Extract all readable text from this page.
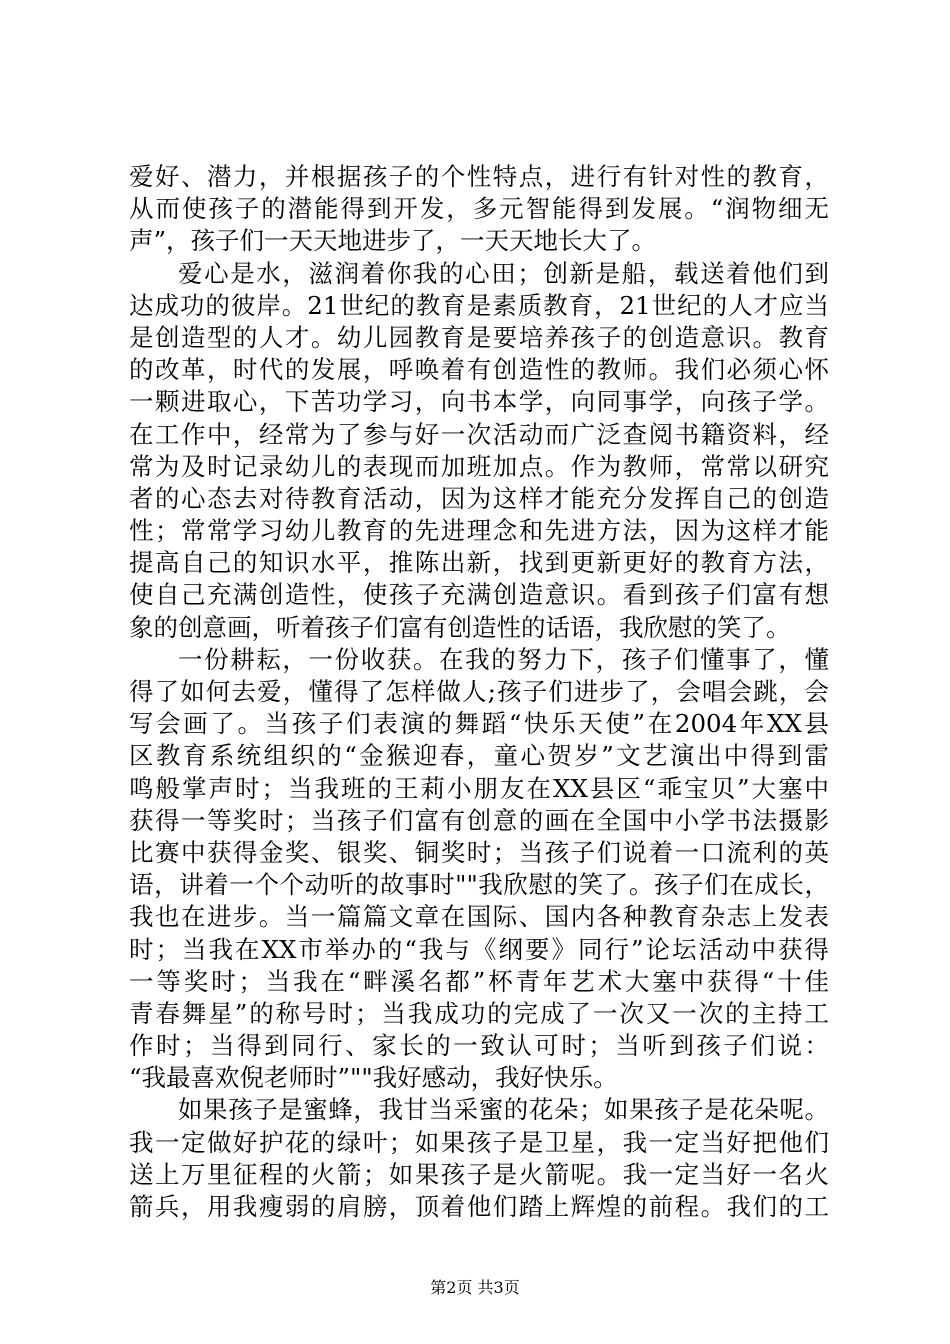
爱好、潜力，并根据孩子的个性特点，进行有针对性的教育，
从而使孩子的潜能得到开发，多元智能得到发展。“润物细无
声”，孩子们一天天地进步了，一天天地长大了。
爱心是水，滋润着你我的心田；创新是船，载送着他们到
达成功的彼岸。21世纪的教育是素质教育，21世纪的人才应当
是创造型的人才。幼儿园教育是要培养孩子的创造意识。教育
的改革，时代的发展，呼唤着有创造性的教师。我们必须心怀
一颗进取心，下苦功学习，向书本学，向同事学，向孩子学。
在工作中，经常为了参与好一次活动而广泛查阅书籍资料，经
常为及时记录幼儿的表现而加班加点。作为教师，常常以研究
者的心态去对待教育活动，因为这样才能充分发挥自己的创造
性；常常学习幼儿教育的先进理念和先进方法，因为这样才能
提高自己的知识水平，推陈出新，找到更新更好的教育方法，
使自己充满创造性，使孩子充满创造意识。看到孩子们富有想
象的创意画，听着孩子们富有创造性的话语，我欣慰的笑了。
一份耕耘，一份收获。在我的努力下，孩子们懂事了，懂
得了如何去爱，懂得了怎样做人;孩子们进步了，会唱会跳，会
写会画了。当孩子们表演的舞蹈“快乐天使”在2004年XX县
区教育系统组织的“金猴迎春，童心贺岁”文艺演出中得到雷
鸣般掌声时；当我班的王莉小朋友在XX县区“乖宝贝”大塞中
获得一等奖时；当孩子们富有创意的画在全国中小学书法摄影
比赛中获得金奖、银奖、铜奖时；当孩子们说着一口流利的英
语，讲着一个个动听的故事时""我欣慰的笑了。孩子们在成长，
我也在进步。当一篇篇文章在国际、国内各种教育杂志上发表
时；当我在XX市举办的“我与《纲要》同行”论坛活动中获得
一等奖时；当我在“畔溪名都”杯青年艺术大塞中获得“十佳
青春舞星”的称号时；当我成功的完成了一次又一次的主持工
作时；当得到同行、家长的一致认可时；当听到孩子们说：
“我最喜欢倪老师时”""我好感动，我好快乐。
如果孩子是蜜蜂，我甘当采蜜的花朵；如果孩子是花朵呢。
我一定做好护花的绿叶；如果孩子是卫星，我一定当好把他们
送上万里征程的火箭；如果孩子是火箭呢。我一定当好一名火
箭兵，用我瘦弱的肩膀，顶着他们踏上辉煌的前程。我们的工
第2页 共3页
